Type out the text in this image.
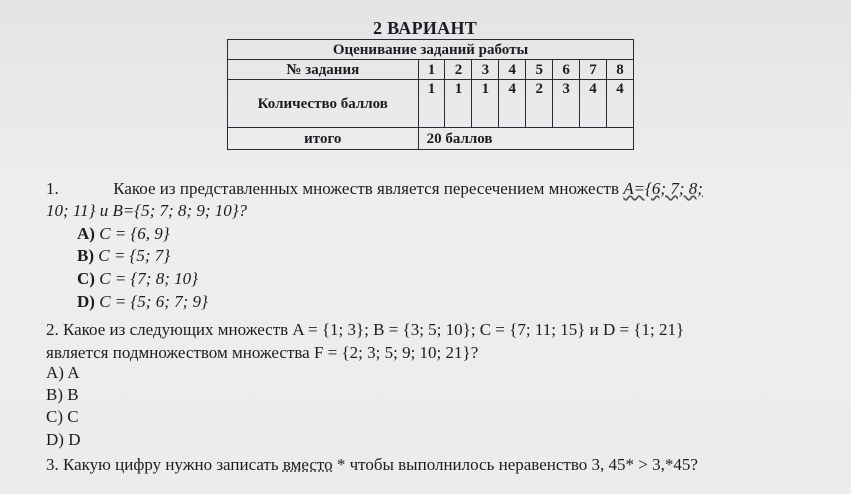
2 ВАРИАНТ
Оценивание заданий работы								
№ задания	1	2	3	4	5	6	7	8
Количество баллов	1	1	1	4	2	3	4	4
итого	20 баллов							
1.	Какое из представленных множеств является пересечением множеств A={6; 7; 8;
10; 11} и B={5; 7; 8; 9; 10}?
A) C = {6, 9}
B) C = {5; 7}
C) C = {7; 8; 10}
D) C = {5; 6; 7; 9}
2. Какое из следующих множеств A = {1; 3}; B = {3; 5; 10}; C = {7; 11; 15} и D = {1; 21}
является подмножеством множества F = {2; 3; 5; 9; 10; 21}?
A) A
B) B
C) C
D) D
3. Какую цифру нужно записать вместо * чтобы выполнилось неравенство 3, 45* > 3,*45?
